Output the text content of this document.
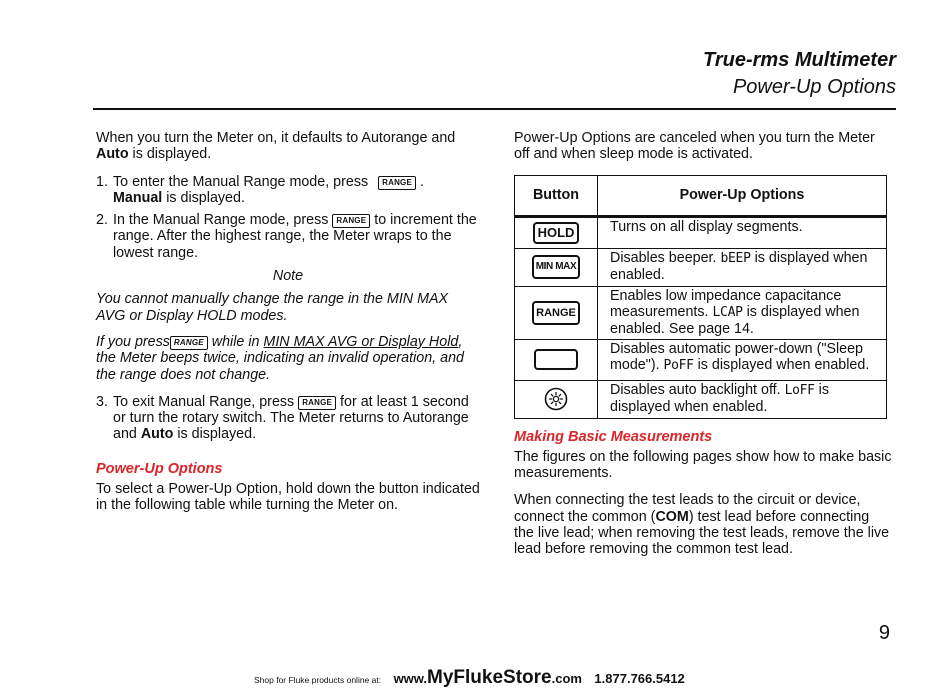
True-rms Multimeter
Power-Up Options

When you turn the Meter on, it defaults to Autorange and
Auto is displayed.

1. To enter the Manual Range mode, press RANGE .
Manual is displayed.
2. In the Manual Range mode, press RANGE to increment the range. After the highest range, the Meter wraps to the lowest range.

Note

You cannot manually change the range in the MIN MAX AVG or Display HOLD modes.

If you press RANGE while in MIN MAX AVG or Display Hold, the Meter beeps twice, indicating an invalid operation, and the range does not change.

3. To exit Manual Range, press RANGE for at least 1 second or turn the rotary switch. The Meter returns to Autorange and Auto is displayed.

Power-Up Options

To select a Power-Up Option, hold down the button indicated in the following table while turning the Meter on.

Power-Up Options are canceled when you turn the Meter off and when sleep mode is activated.

Button	Power-Up Options
HOLD	Turns on all display segments.
MIN MAX	Disables beeper. bEEP is displayed when enabled.
RANGE	Enables low impedance capacitance measurements. LCAP is displayed when enabled. See page 14.
	Disables automatic power-down ("Sleep mode"). PoFF is displayed when enabled.
	Disables auto backlight off. LoFF is displayed when enabled.

Making Basic Measurements

The figures on the following pages show how to make basic measurements.

When connecting the test leads to the circuit or device, connect the common (COM) test lead before connecting the live lead; when removing the test leads, remove the live lead before removing the common test lead.

9
Shop for Fluke products online at: www.MyFlukeStore.com 1.877.766.5412
